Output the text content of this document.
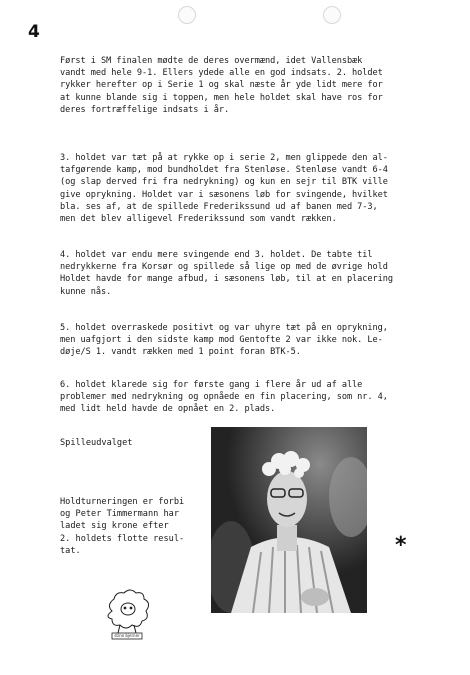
4
Først i SM finalen mødte de deres overmænd, idet Vallensbæk
vandt med hele 9-1. Ellers ydede alle en god indsats. 2. holdet
rykker herefter op i Serie 1 og skal næste år yde lidt mere for
at kunne blande sig i toppen, men hele holdet skal have ros for
deres fortræffelige indsats i år.
3. holdet var tæt på at rykke op i serie 2, men glippede den al-
tafgørende kamp, mod bundholdet fra Stenløse. Stenløse vandt 6-4
(og slap derved fri fra nedrykning) og kun en sejr til BTK ville
give oprykning. Holdet var i sæsonens løb for svingende, hvilket
bla. ses af, at de spillede Frederikssund ud af banen med 7-3,
men det blev alligevel Frederikssund som vandt rækken.
4. holdet var endu mere svingende end 3. holdet. De tabte til
nedrykkerne fra Korsør og spillede så lige op med de øvrige hold
Holdet havde for mange afbud, i sæsonens løb, til at en placering
kunne nås.
5. holdet overraskede positivt og var uhyre tæt på en oprykning,
men uafgjort i den sidste kamp mod Gentofte 2 var ikke nok. Le-
døje/S 1. vandt rækken med 1 point foran BTK-5.
6. holdet klarede sig for første gang i flere år ud af alle
problemer med nedrykning og opnåede en fin placering, som nr. 4,
med lidt held havde de opnået en 2. plads.
Spilleudvalget
Holdturneringen er forbi
og Peter Timmermann har
ladet sig krone efter
2. holdets flotte resul-
tat.	*
stine bjerner
